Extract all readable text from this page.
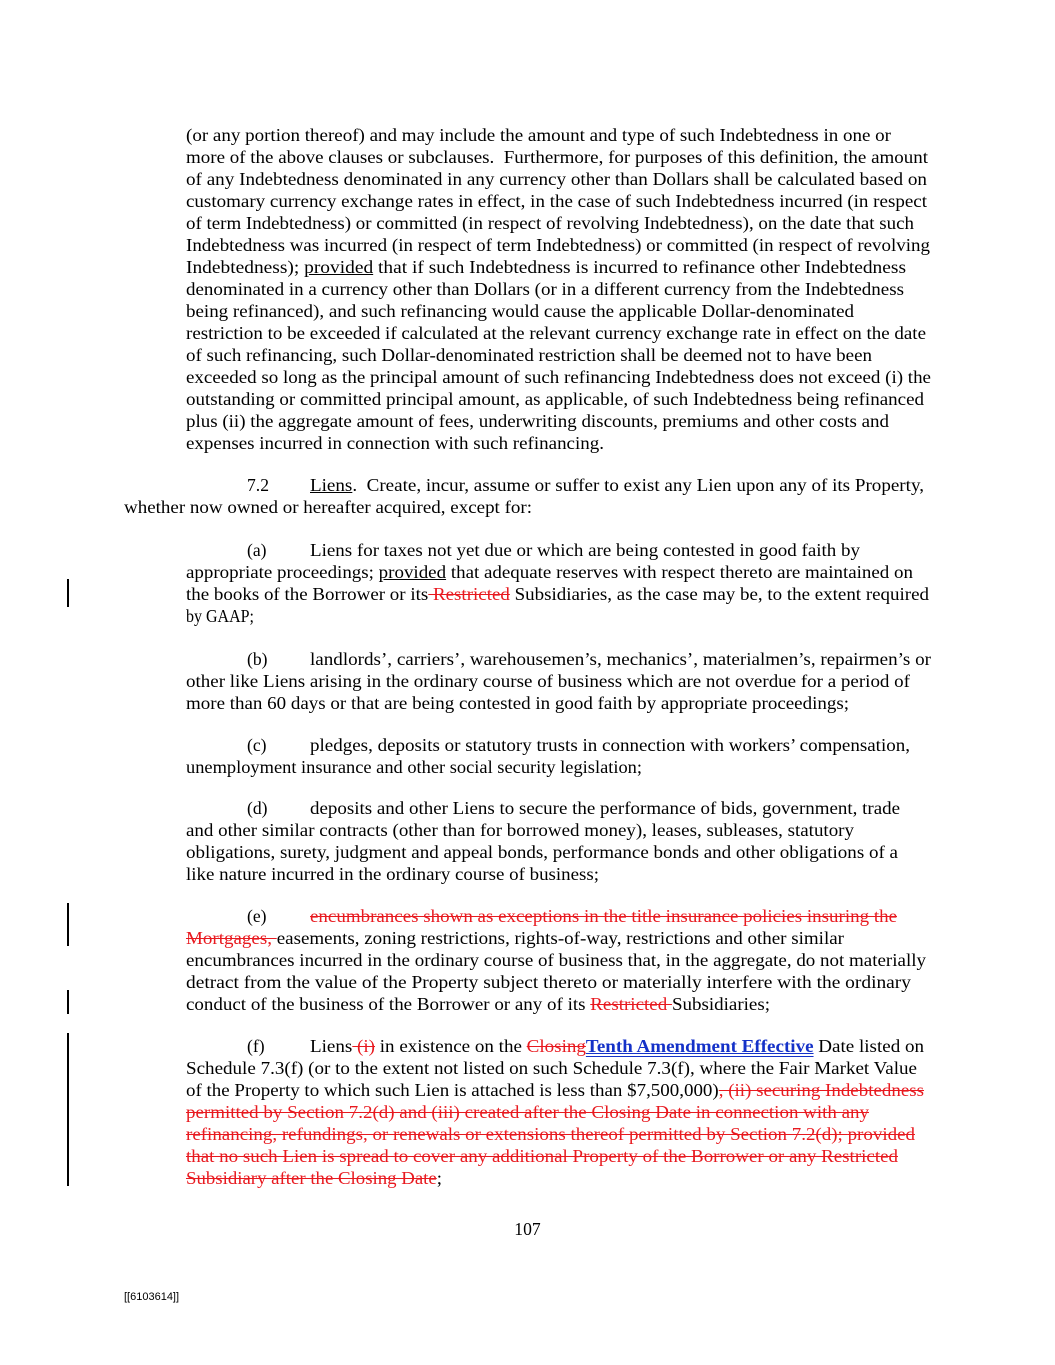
(or any portion thereof) and may include the amount and type of such Indebtedness in one or
more of the above clauses or subclauses.  Furthermore, for purposes of this definition, the amount
of any Indebtedness denominated in any currency other than Dollars shall be calculated based on
customary currency exchange rates in effect, in the case of such Indebtedness incurred (in respect
of term Indebtedness) or committed (in respect of revolving Indebtedness), on the date that such
Indebtedness was incurred (in respect of term Indebtedness) or committed (in respect of revolving
Indebtedness); provided that if such Indebtedness is incurred to refinance other Indebtedness
denominated in a currency other than Dollars (or in a different currency from the Indebtedness
being refinanced), and such refinancing would cause the applicable Dollar-denominated
restriction to be exceeded if calculated at the relevant currency exchange rate in effect on the date
of such refinancing, such Dollar-denominated restriction shall be deemed not to have been
exceeded so long as the principal amount of such refinancing Indebtedness does not exceed (i) the
outstanding or committed principal amount, as applicable, of such Indebtedness being refinanced
plus (ii) the aggregate amount of fees, underwriting discounts, premiums and other costs and
expenses incurred in connection with such refinancing.
7.2 Liens.  Create, incur, assume or suffer to exist any Lien upon any of its Property,
whether now owned or hereafter acquired, except for:
(a) Liens for taxes not yet due or which are being contested in good faith by
appropriate proceedings; provided that adequate reserves with respect thereto are maintained on
the books of the Borrower or its Restricted Subsidiaries, as the case may be, to the extent required
by GAAP;
(b) landlords’, carriers’, warehousemen’s, mechanics’, materialmen’s, repairmen’s or
other like Liens arising in the ordinary course of business which are not overdue for a period of
more than 60 days or that are being contested in good faith by appropriate proceedings;
(c) pledges, deposits or statutory trusts in connection with workers’ compensation,
unemployment insurance and other social security legislation;
(d) deposits and other Liens to secure the performance of bids, government, trade
and other similar contracts (other than for borrowed money), leases, subleases, statutory
obligations, surety, judgment and appeal bonds, performance bonds and other obligations of a
like nature incurred in the ordinary course of business;
(e) encumbrances shown as exceptions in the title insurance policies insuring the
Mortgages, easements, zoning restrictions, rights-of-way, restrictions and other similar
encumbrances incurred in the ordinary course of business that, in the aggregate, do not materially
detract from the value of the Property subject thereto or materially interfere with the ordinary
conduct of the business of the Borrower or any of its Restricted Subsidiaries;
(f)	Liens (i) in existence on the ClosingTenth Amendment Effective Date listed on
Schedule 7.3(f) (or to the extent not listed on such Schedule 7.3(f), where the Fair Market Value
of the Property to which such Lien is attached is less than $7,500,000), (ii) securing Indebtedness
permitted by Section 7.2(d) and (iii) created after the Closing Date in connection with any
refinancing, refundings, or renewals or extensions thereof permitted by Section 7.2(d); provided
that no such Lien is spread to cover any additional Property of the Borrower or any Restricted
Subsidiary after the Closing Date;
107
[[6103614]]
